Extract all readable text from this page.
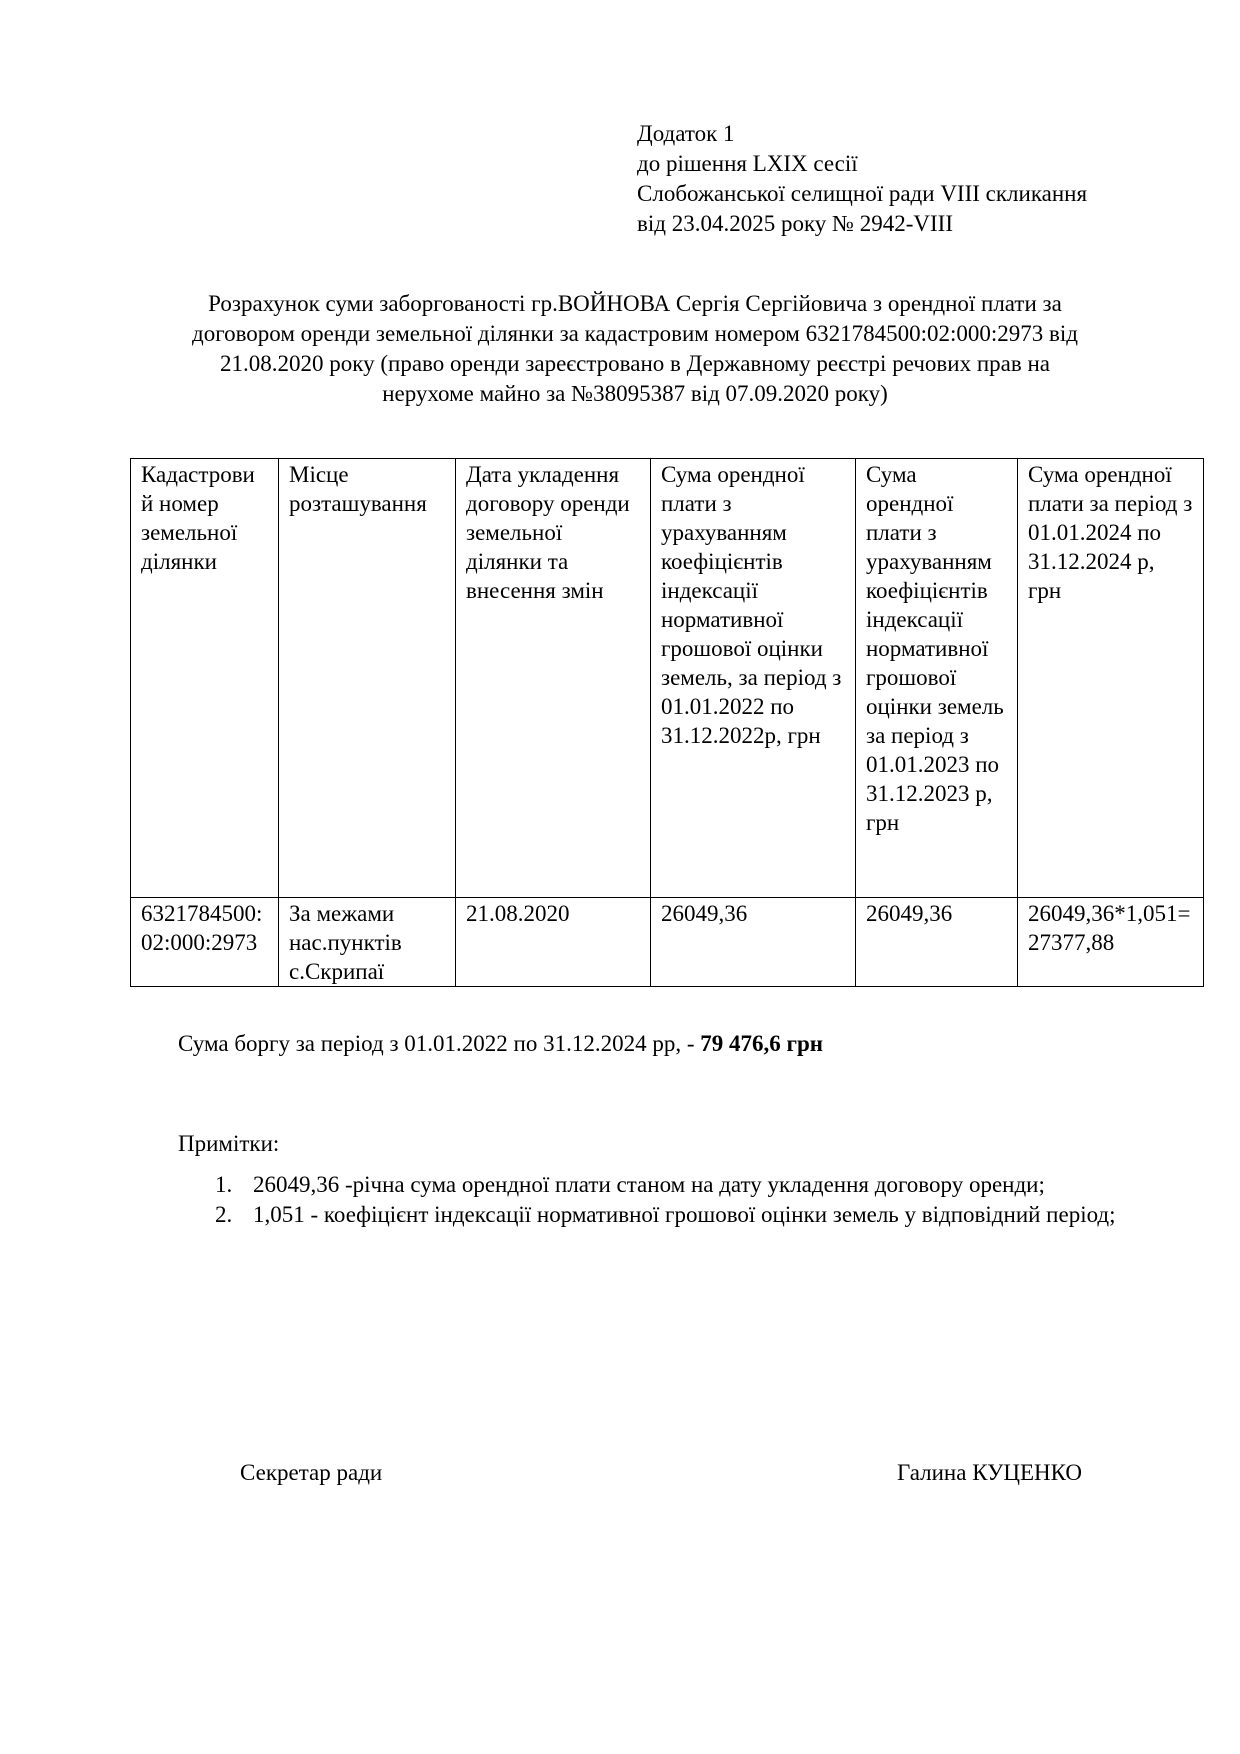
Додаток 1
до рішення LXIX сесії
Слобожанської селищної ради VIII скликання
від 23.04.2025 року № 2942-VIII
Розрахунок суми заборгованості гр.ВОЙНОВА Сергія Сергійовича з орендної плати за
договором оренди земельної ділянки за кадастровим номером 6321784500:02:000:2973 від
21.08.2020 року (право оренди зареєстровано в Державному реєстрі речових прав на
нерухоме майно за №38095387 від 07.09.2020 року)
Кадастрови й номер земельної ділянки	Місце розташування	Дата укладення договору оренди земельної ділянки та внесення змін	Сума орендної плати з урахуванням коефіцієнтів індексації нормативної грошової оцінки земель, за період з 01.01.2022 по 31.12.2022р, грн	Сума орендної плати з урахуванням коефіцієнтів індексації нормативної грошової оцінки земель за період з 01.01.2023 по 31.12.2023 р, грн	Сума орендної плати за період з 01.01.2024 по 31.12.2024 р, грн
6321784500:02:000:2973	За межами нас.пунктів с.Скрипаї	21.08.2020	26049,36	26049,36	26049,36*1,051=27377,88
Сума боргу за період з 01.01.2022 по 31.12.2024 рр, - 79 476,6 грн
Примітки:
1. 26049,36 -річна сума орендної плати станом на дату укладення договору оренди;
2. 1,051 - коефіцієнт індексації нормативної грошової оцінки земель у відповідний період;
Секретар ради	Галина КУЦЕНКО
